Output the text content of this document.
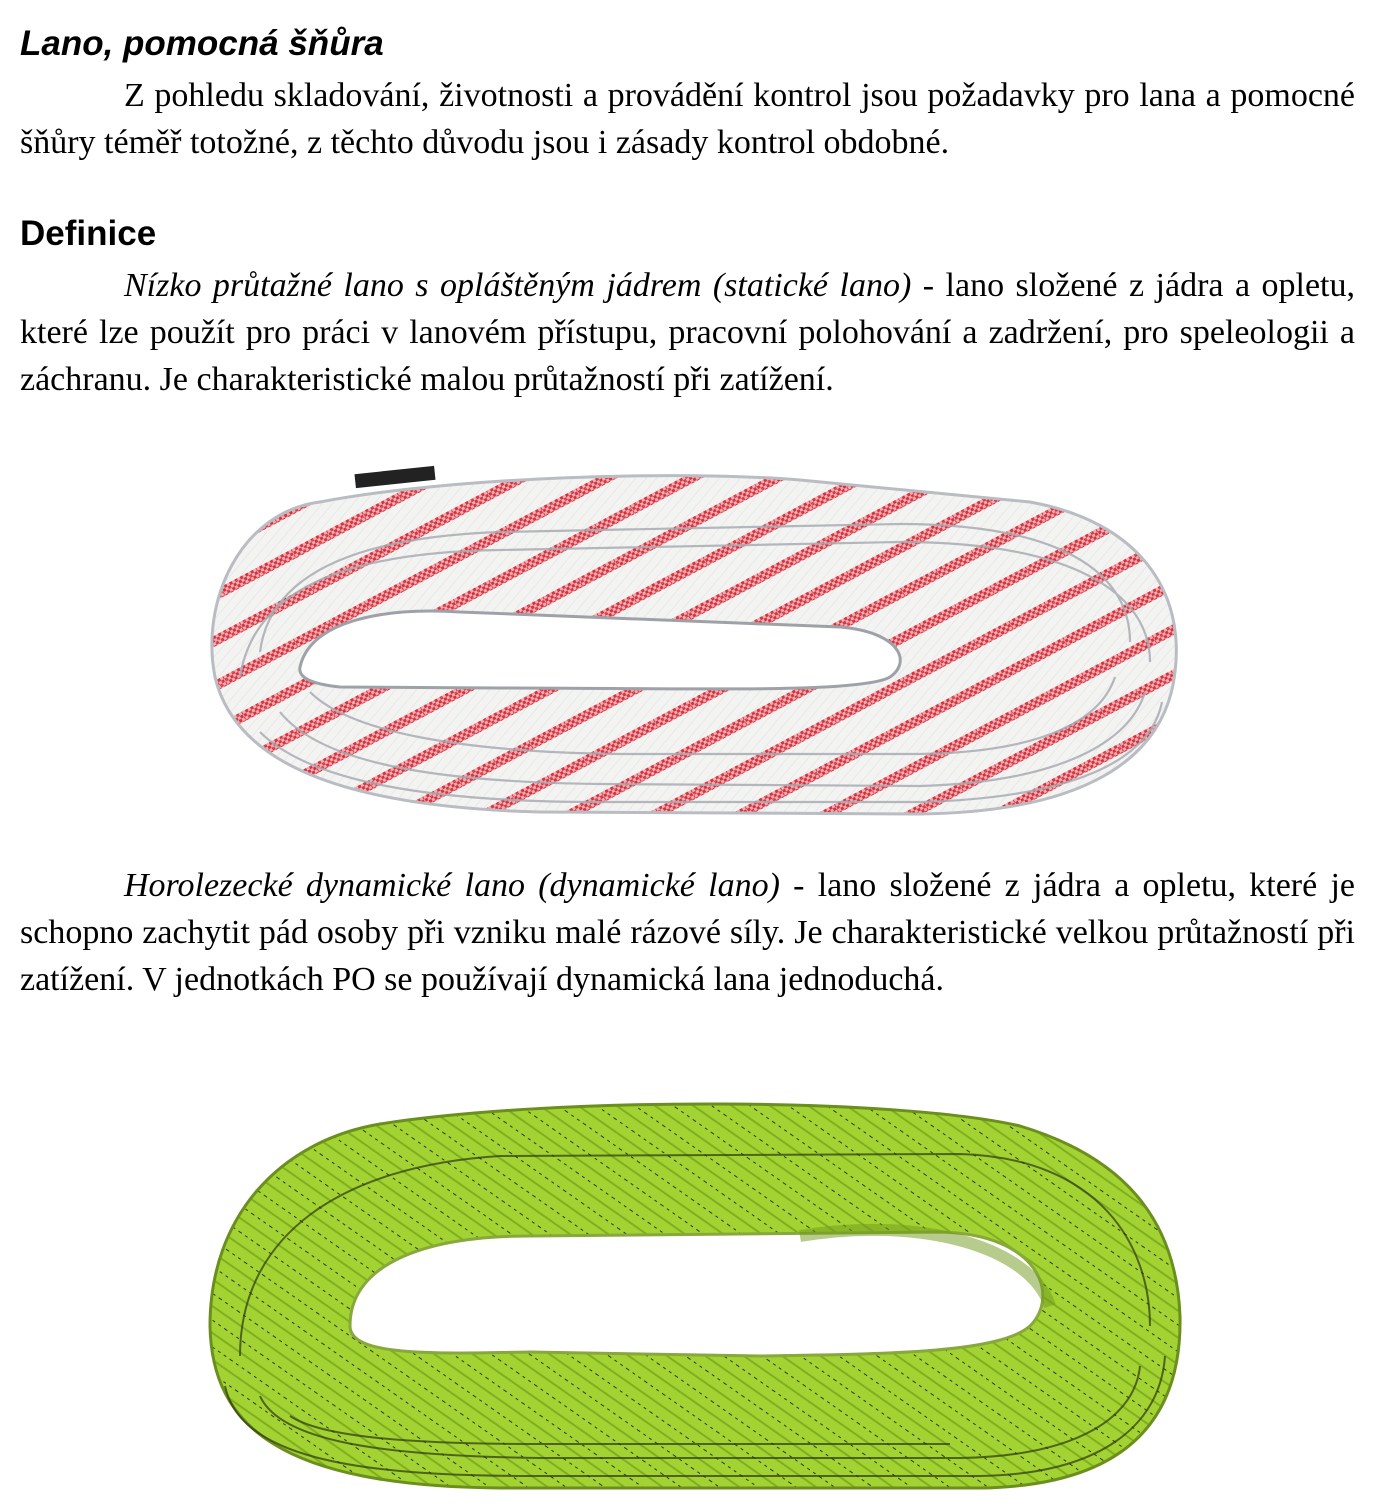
Lano, pomocná šňůra

Z pohledu skladování, životnosti a provádění kontrol jsou požadavky pro lana a pomocné šňůry téměř totožné, z těchto důvodu jsou i zásady kontrol obdobné.

Definice

Nízko průtažné lano s opláštěným jádrem (statické lano) - lano složené z jádra a opletu, které lze použít pro práci v lanovém přístupu, pracovní polohování a zadržení, pro speleologii a záchranu. Je charakteristické malou průtažností při zatížení.

Horolezecké dynamické lano (dynamické lano) - lano složené z jádra a opletu, které je schopno zachytit pád osoby při vzniku malé rázové síly. Je charakteristické velkou průtažností při zatížení. V jednotkách PO se používají dynamická lana jednoduchá.
